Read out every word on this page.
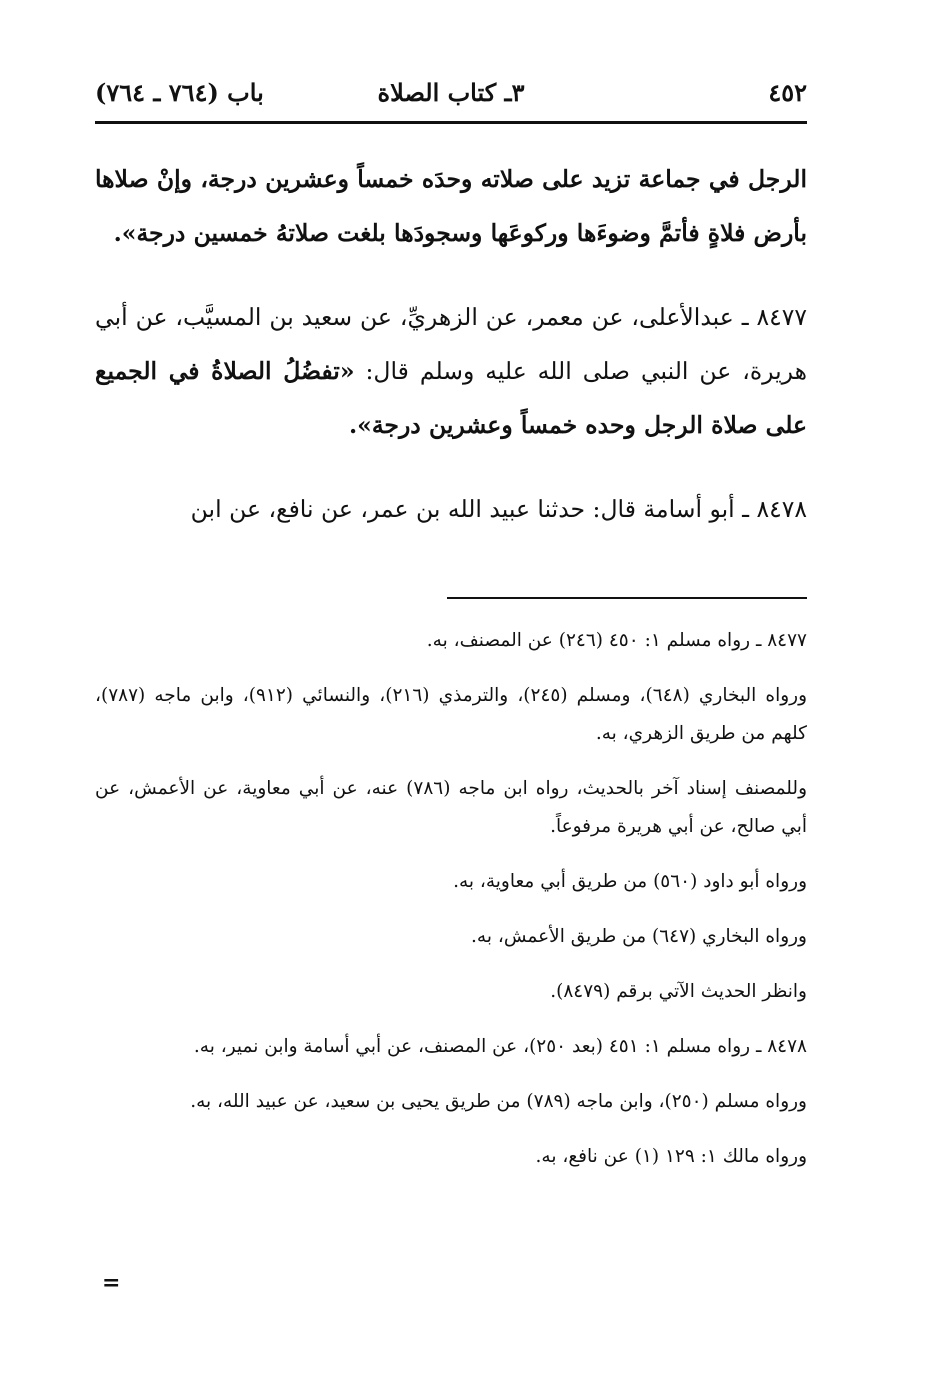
٤٥٢
٣ـ كتاب الصلاة
باب (٧٦٤ ـ ٧٦٤)

الرجل في جماعة تزيد على صلاته وحدَه خمساً وعشرين درجة، وإنْ صلاها بأرض فلاةٍ فأتمَّ وضوءَها وركوعَها وسجودَها بلغت صلاتهُ خمسين درجة».

٨٤٧٧ ـ عبدالأعلى، عن معمر، عن الزهريِّ، عن سعيد بن المسيَّب، عن أبي هريرة، عن النبي صلى الله عليه وسلم قال: «تفضُلُ الصلاةُ في الجميع على صلاة الرجل وحده خمساً وعشرين درجة».

٨٤٧٨ ـ أبو أسامة قال: حدثنا عبيد الله بن عمر، عن نافع، عن ابن

٨٤٧٧ ـ رواه مسلم ١: ٤٥٠ (٢٤٦) عن المصنف، به.

ورواه البخاري (٦٤٨)، ومسلم (٢٤٥)، والترمذي (٢١٦)، والنسائي (٩١٢)، وابن ماجه (٧٨٧)، كلهم من طريق الزهري، به.

وللمصنف إسناد آخر بالحديث، رواه ابن ماجه (٧٨٦) عنه، عن أبي معاوية، عن الأعمش، عن أبي صالح، عن أبي هريرة مرفوعاً.

ورواه أبو داود (٥٦٠) من طريق أبي معاوية، به.

ورواه البخاري (٦٤٧) من طريق الأعمش، به.

وانظر الحديث الآتي برقم (٨٤٧٩).

٨٤٧٨ ـ رواه مسلم ١: ٤٥١ (بعد ٢٥٠)، عن المصنف، عن أبي أسامة وابن نمير، به.

ورواه مسلم (٢٥٠)، وابن ماجه (٧٨٩) من طريق يحيى بن سعيد، عن عبيد الله، به.

ورواه مالك ١: ١٢٩ (١) عن نافع، به.

=
